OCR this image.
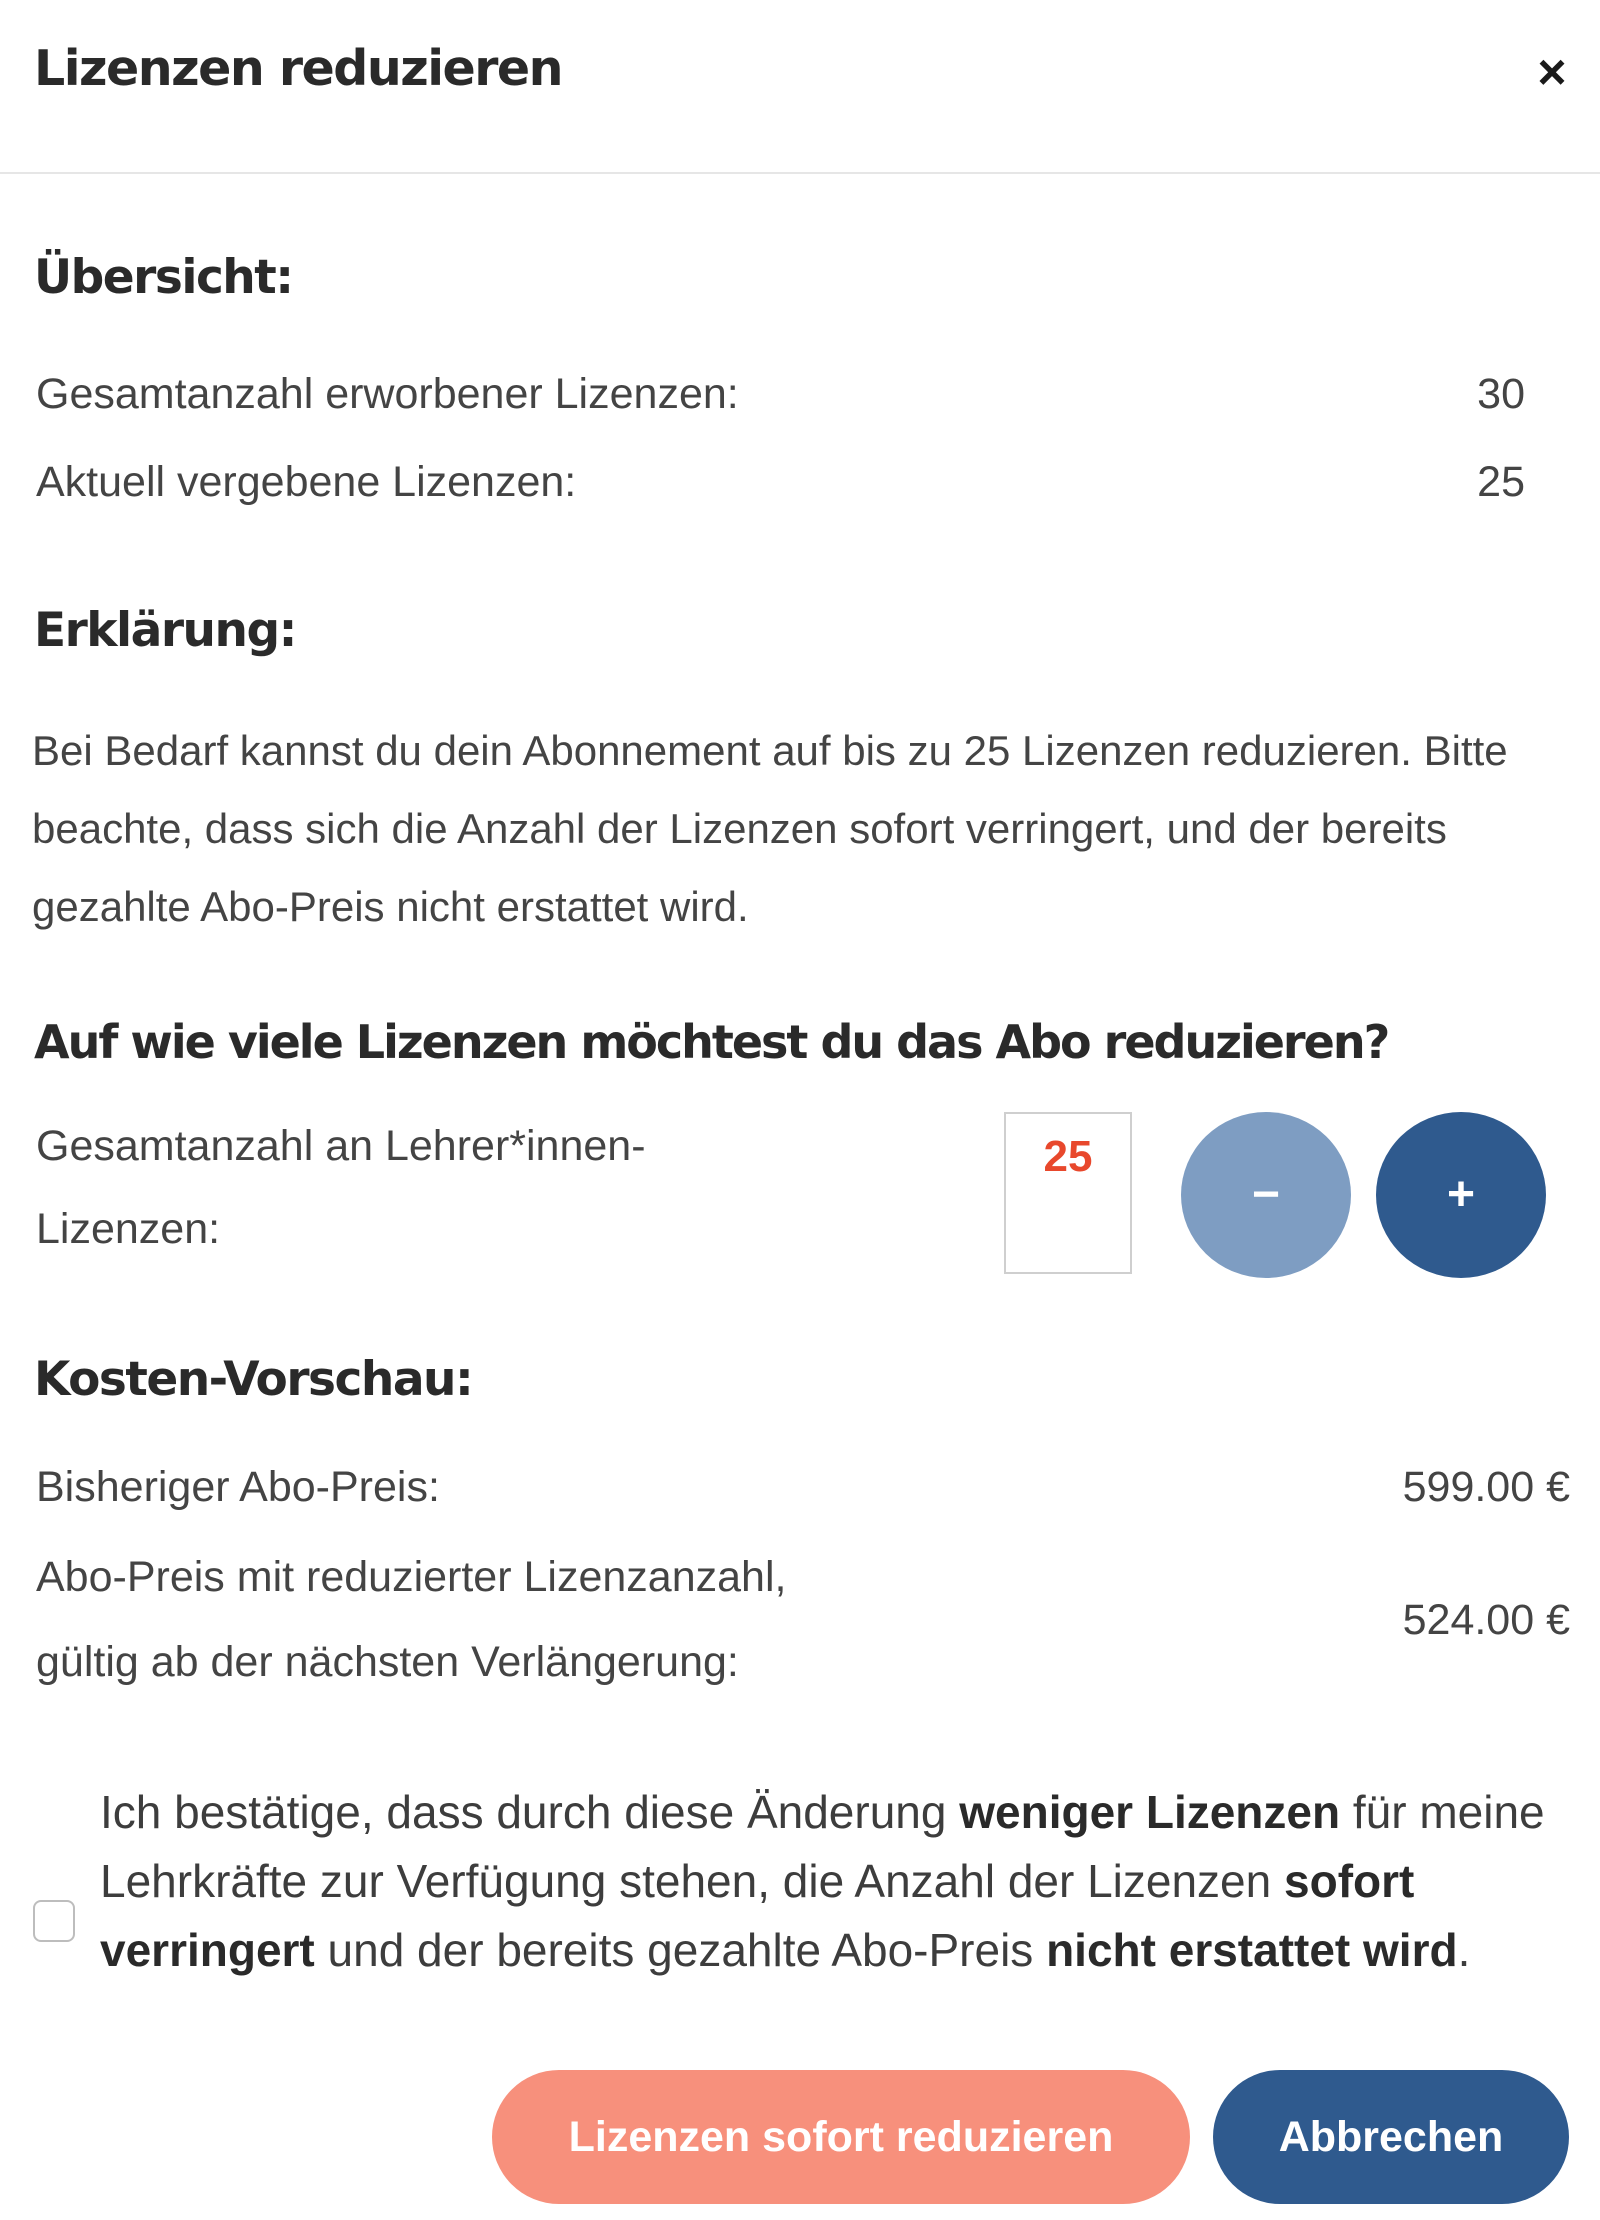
Lizenzen reduzieren	×
Übersicht:
Gesamtanzahl erworbener Lizenzen:	30
Aktuell vergebene Lizenzen:	25
Erklärung:

Bei Bedarf kannst du dein Abonnement auf bis zu 25 Lizenzen reduzieren. Bitte beachte, dass sich die Anzahl der Lizenzen sofort verringert, und der bereits gezahlte Abo-Preis nicht erstattet wird.

Auf wie viele Lizenzen möchtest du das Abo reduzieren?
Gesamtanzahl an Lehrer*innen-
Lizenzen:
25
−	+
Kosten-Vorschau:
Bisheriger Abo-Preis:	599.00 €
Abo-Preis mit reduzierter Lizenzanzahl,
gültig ab der nächsten Verlängerung:
524.00 €

Ich bestätige, dass durch diese Änderung weniger Lizenzen für meine Lehrkräfte zur Verfügung stehen, die Anzahl der Lizenzen sofort verringert und der bereits gezahlte Abo-Preis nicht erstattet wird.

Lizenzen sofort reduzieren	Abbrechen
